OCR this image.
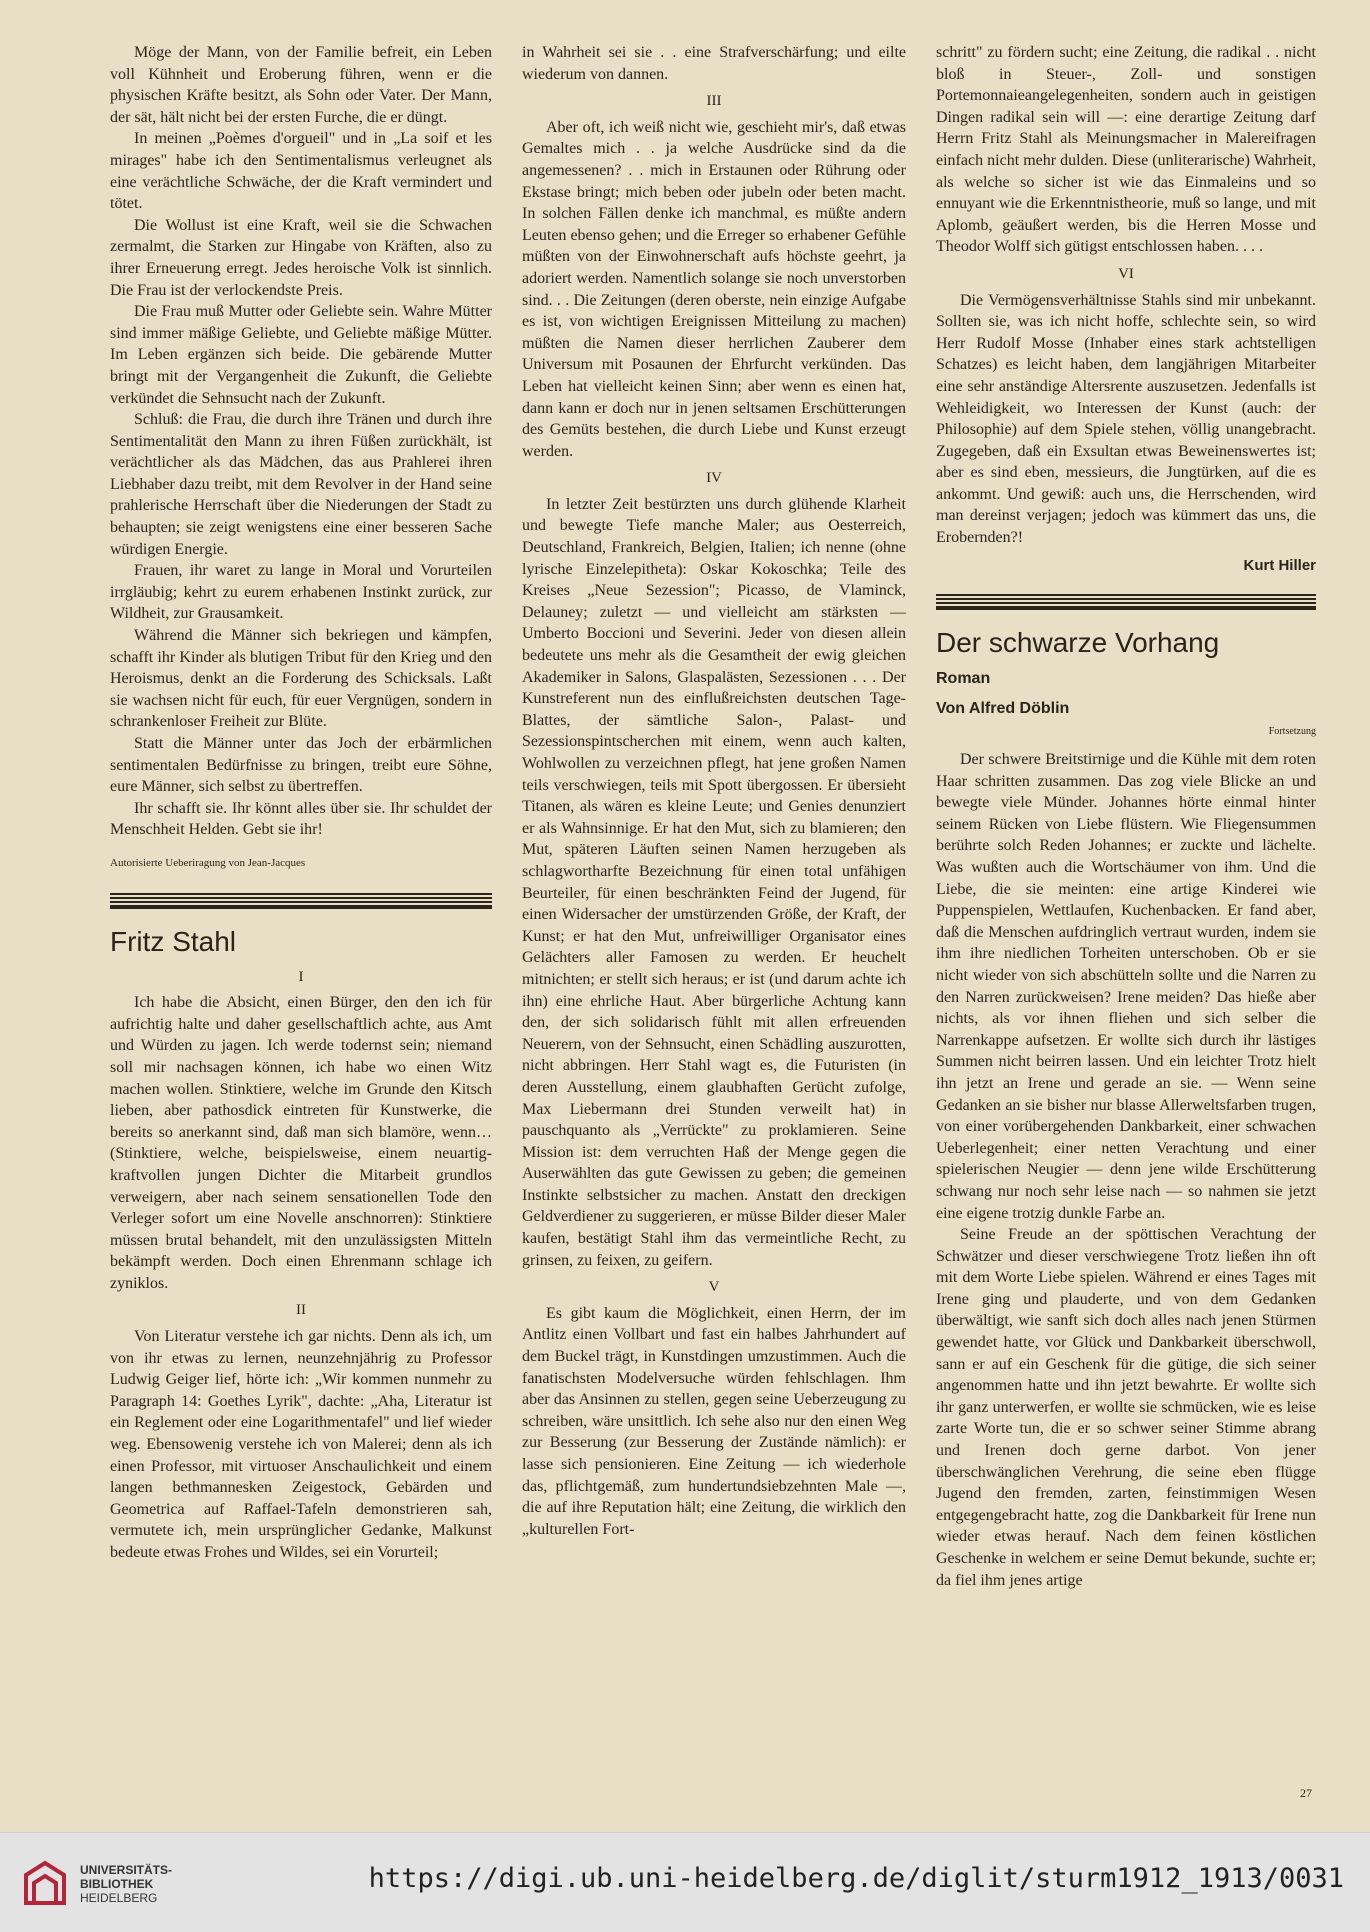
Möge der Mann, von der Familie befreit, ein Leben voll Kühnheit und Eroberung führen, wenn er die physischen Kräfte besitzt, als Sohn oder Vater. Der Mann, der sät, hält nicht bei der ersten Furche, die er düngt.

In meinen „Poèmes d'orgueil" und in „La soif et les mirages" habe ich den Sentimentalismus verleugnet als eine verächtliche Schwäche, der die Kraft vermindert und tötet.

Die Wollust ist eine Kraft, weil sie die Schwachen zermalmt, die Starken zur Hingabe von Kräften, also zu ihrer Erneuerung erregt. Jedes heroische Volk ist sinnlich. Die Frau ist der verlockendste Preis.

Die Frau muß Mutter oder Geliebte sein. Wahre Mütter sind immer mäßige Geliebte, und Geliebte mäßige Mütter. Im Leben ergänzen sich beide. Die gebärende Mutter bringt mit der Vergangenheit die Zukunft, die Geliebte verkündet die Sehnsucht nach der Zukunft.

Schluß: die Frau, die durch ihre Tränen und durch ihre Sentimentalität den Mann zu ihren Füßen zurückhält, ist verächtlicher als das Mädchen, das aus Prahlerei ihren Liebhaber dazu treibt, mit dem Revolver in der Hand seine prahlerische Herrschaft über die Niederungen der Stadt zu behaupten; sie zeigt wenigstens eine einer besseren Sache würdigen Energie.

Frauen, ihr waret zu lange in Moral und Vorurteilen irrgläubig; kehrt zu eurem erhabenen Instinkt zurück, zur Wildheit, zur Grausamkeit.

Während die Männer sich bekriegen und kämpfen, schafft ihr Kinder als blutigen Tribut für den Krieg und den Heroismus, denkt an die Forderung des Schicksals. Laßt sie wachsen nicht für euch, für euer Vergnügen, sondern in schrankenloser Freiheit zur Blüte.

Statt die Männer unter das Joch der erbärmlichen sentimentalen Bedürfnisse zu bringen, treibt eure Söhne, eure Männer, sich selbst zu übertreffen.

Ihr schafft sie. Ihr könnt alles über sie. Ihr schuldet der Menschheit Helden. Gebt sie ihr!

Autorisierte Ueberiragung von Jean-Jacques
Fritz Stahl
I

Ich habe die Absicht, einen Bürger, den den ich für aufrichtig halte und daher gesellschaftlich achte, aus Amt und Würden zu jagen. Ich werde todernst sein; niemand soll mir nachsagen können, ich habe wo einen Witz machen wollen. Stinktiere, welche im Grunde den Kitsch lieben, aber pathosdick eintreten für Kunstwerke, die bereits so anerkannt sind, daß man sich blamöre, wenn… (Stinktiere, welche, beispielsweise, einem neuartig-kraftvollen jungen Dichter die Mitarbeit grundlos verweigern, aber nach seinem sensationellen Tode den Verleger sofort um eine Novelle anschnorren): Stinktiere müssen brutal behandelt, mit den unzulässigsten Mitteln bekämpft werden. Doch einen Ehrenmann schlage ich zyniklos.

II

Von Literatur verstehe ich gar nichts. Denn als ich, um von ihr etwas zu lernen, neunzehnjährig zu Professor Ludwig Geiger lief, hörte ich: „Wir kommen nunmehr zu Paragraph 14: Goethes Lyrik", dachte: „Aha, Literatur ist ein Reglement oder eine Logarithmentafel" und lief wieder weg. Ebensowenig verstehe ich von Malerei; denn als ich einen Professor, mit virtuoser Anschaulichkeit und einem langen bethmannesken Zeigestock, Gebärden und Geometrica auf Raffael-Tafeln demonstrieren sah, vermutete ich, mein ursprünglicher Gedanke, Malkunst bedeute etwas Frohes und Wildes, sei ein Vorurteil;

in Wahrheit sei sie . . eine Strafverschärfung; und eilte wiederum von dannen.

III

Aber oft, ich weiß nicht wie, geschieht mir's, daß etwas Gemaltes mich . . ja welche Ausdrücke sind da die angemessenen? . . mich in Erstaunen oder Rührung oder Ekstase bringt; mich beben oder jubeln oder beten macht. In solchen Fällen denke ich manchmal, es müßte andern Leuten ebenso gehen; und die Erreger so erhabener Gefühle müßten von der Einwohnerschaft aufs höchste geehrt, ja adoriert werden. Namentlich solange sie noch unverstorben sind. . . Die Zeitungen (deren oberste, nein einzige Aufgabe es ist, von wichtigen Ereignissen Mitteilung zu machen) müßten die Namen dieser herrlichen Zauberer dem Universum mit Posaunen der Ehrfurcht verkünden. Das Leben hat vielleicht keinen Sinn; aber wenn es einen hat, dann kann er doch nur in jenen seltsamen Erschütterungen des Gemüts bestehen, die durch Liebe und Kunst erzeugt werden.

IV

In letzter Zeit bestürzten uns durch glühende Klarheit und bewegte Tiefe manche Maler; aus Oesterreich, Deutschland, Frankreich, Belgien, Italien; ich nenne (ohne lyrische Einzelepitheta): Oskar Kokoschka; Teile des Kreises „Neue Sezession"; Picasso, de Vlaminck, Delauney; zuletzt — und vielleicht am stärksten — Umberto Boccioni und Severini. Jeder von diesen allein bedeutete uns mehr als die Gesamtheit der ewig gleichen Akademiker in Salons, Glaspalästen, Sezessionen . . . Der Kunstreferent nun des einflußreichsten deutschen Tage-Blattes, der sämtliche Salon-, Palast- und Sezessionspintscherchen mit einem, wenn auch kalten, Wohlwollen zu verzeichnen pflegt, hat jene großen Namen teils verschwiegen, teils mit Spott übergossen. Er übersieht Titanen, als wären es kleine Leute; und Genies denunziert er als Wahnsinnige. Er hat den Mut, sich zu blamieren; den Mut, späteren Läuften seinen Namen herzugeben als schlagwortharfte Bezeichnung für einen total unfähigen Beurteiler, für einen beschränkten Feind der Jugend, für einen Widersacher der umstürzenden Größe, der Kraft, der Kunst; er hat den Mut, unfreiwilliger Organisator eines Gelächters aller Famosen zu werden. Er heuchelt mitnichten; er stellt sich heraus; er ist (und darum achte ich ihn) eine ehrliche Haut. Aber bürgerliche Achtung kann den, der sich solidarisch fühlt mit allen erfreuenden Neuerern, von der Sehnsucht, einen Schädling auszurotten, nicht abbringen. Herr Stahl wagt es, die Futuristen (in deren Ausstellung, einem glaubhaften Gerücht zufolge, Max Liebermann drei Stunden verweilt hat) in pauschquanto als „Verrückte" zu proklamieren. Seine Mission ist: dem verruchten Haß der Menge gegen die Auserwählten das gute Gewissen zu geben; die gemeinen Instinkte selbstsicher zu machen. Anstatt den dreckigen Geldverdiener zu suggerieren, er müsse Bilder dieser Maler kaufen, bestätigt Stahl ihm das vermeintliche Recht, zu grinsen, zu feixen, zu geifern.

V

Es gibt kaum die Möglichkeit, einen Herrn, der im Antlitz einen Vollbart und fast ein halbes Jahrhundert auf dem Buckel trägt, in Kunstdingen umzustimmen. Auch die fanatischsten Modelversuche würden fehlschlagen. Ihm aber das Ansinnen zu stellen, gegen seine Ueberzeugung zu schreiben, wäre unsittlich. Ich sehe also nur den einen Weg zur Besserung (zur Besserung der Zustände nämlich): er lasse sich pensionieren. Eine Zeitung — ich wiederhole das, pflichtgemäß, zum hundertundsiebzehnten Male —, die auf ihre Reputation hält; eine Zeitung, die wirklich den „kulturellen Fort-

schritt" zu fördern sucht; eine Zeitung, die radikal . . nicht bloß in Steuer-, Zoll- und sonstigen Portemonnaieangelegenheiten, sondern auch in geistigen Dingen radikal sein will —: eine derartige Zeitung darf Herrn Fritz Stahl als Meinungsmacher in Malereifragen einfach nicht mehr dulden. Diese (unliterarische) Wahrheit, als welche so sicher ist wie das Einmaleins und so ennuyant wie die Erkenntnistheorie, muß so lange, und mit Aplomb, geäußert werden, bis die Herren Mosse und Theodor Wolff sich gütigst entschlossen haben. . . .

VI

Die Vermögensverhältnisse Stahls sind mir unbekannt. Sollten sie, was ich nicht hoffe, schlechte sein, so wird Herr Rudolf Mosse (Inhaber eines stark achtstelligen Schatzes) es leicht haben, dem langjährigen Mitarbeiter eine sehr anständige Altersrente auszusetzen. Jedenfalls ist Wehleidigkeit, wo Interessen der Kunst (auch: der Philosophie) auf dem Spiele stehen, völlig unangebracht. Zugegeben, daß ein Exsultan etwas Beweinenswertes ist; aber es sind eben, messieurs, die Jungtürken, auf die es ankommt. Und gewiß: auch uns, die Herrschenden, wird man dereinst verjagen; jedoch was kümmert das uns, die Erobernden?!

Kurt Hiller
Der schwarze Vorhang
Roman
Von Alfred Döblin
Fortsetzung

Der schwere Breitstirnige und die Kühle mit dem roten Haar schritten zusammen. Das zog viele Blicke an und bewegte viele Münder. Johannes hörte einmal hinter seinem Rücken von Liebe flüstern. Wie Fliegensummen berührte solch Reden Johannes; er zuckte und lächelte. Was wußten auch die Wortschäumer von ihm. Und die Liebe, die sie meinten: eine artige Kinderei wie Puppenspielen, Wettlaufen, Kuchenbacken. Er fand aber, daß die Menschen aufdringlich vertraut wurden, indem sie ihm ihre niedlichen Torheiten unterschoben. Ob er sie nicht wieder von sich abschütteln sollte und die Narren zu den Narren zurückweisen? Irene meiden? Das hieße aber nichts, als vor ihnen fliehen und sich selber die Narrenkappe aufsetzen. Er wollte sich durch ihr lästiges Summen nicht beirren lassen. Und ein leichter Trotz hielt ihn jetzt an Irene und gerade an sie. — Wenn seine Gedanken an sie bisher nur blasse Allerweltsfarben trugen, von einer vorübergehenden Dankbarkeit, einer schwachen Ueberlegenheit; einer netten Verachtung und einer spielerischen Neugier — denn jene wilde Erschütterung schwang nur noch sehr leise nach — so nahmen sie jetzt eine eigene trotzig dunkle Farbe an.

Seine Freude an der spöttischen Verachtung der Schwätzer und dieser verschwiegene Trotz ließen ihn oft mit dem Worte Liebe spielen. Während er eines Tages mit Irene ging und plauderte, und von dem Gedanken überwältigt, wie sanft sich doch alles nach jenen Stürmen gewendet hatte, vor Glück und Dankbarkeit überschwoll, sann er auf ein Geschenk für die gütige, die sich seiner angenommen hatte und ihn jetzt bewahrte. Er wollte sich ihr ganz unterwerfen, er wollte sie schmücken, wie es leise zarte Worte tun, die er so schwer seiner Stimme abrang und Irenen doch gerne darbot. Von jener überschwänglichen Verehrung, die seine eben flügge Jugend den fremden, zarten, feinstimmigen Wesen entgegengebracht hatte, zog die Dankbarkeit für Irene nun wieder etwas herauf. Nach dem feinen köstlichen Geschenke in welchem er seine Demut bekunde, suchte er; da fiel ihm jenes artige

27
UNIVERSITÄTS-
BIBLIOTHEK
HEIDELBERG
https://digi.ub.uni-heidelberg.de/diglit/sturm1912_1913/0031
